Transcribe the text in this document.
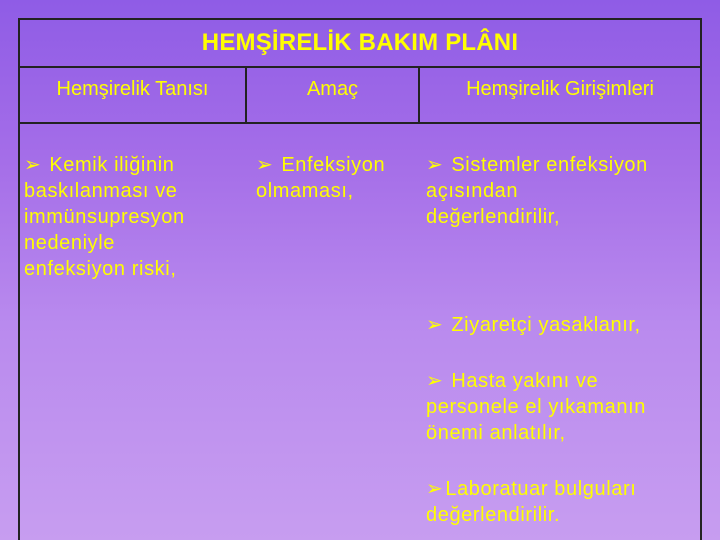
HEMŞİRELİK BAKIM PLÂNI
Hemşirelik Tanısı	Amaç	Hemşirelik Girişimleri
➢ Kemik iliğinin
baskılanması ve
immünsupresyon
nedeniyle
enfeksiyon riski,
➢ Enfeksiyon
olmaması,
➢ Sistemler enfeksiyon
açısından
değerlendirilir,
➢ Ziyaretçi yasaklanır,
➢ Hasta yakını ve
personele el yıkamanın
önemi anlatılır,
➢ Laboratuar bulguları
değerlendirilir.
